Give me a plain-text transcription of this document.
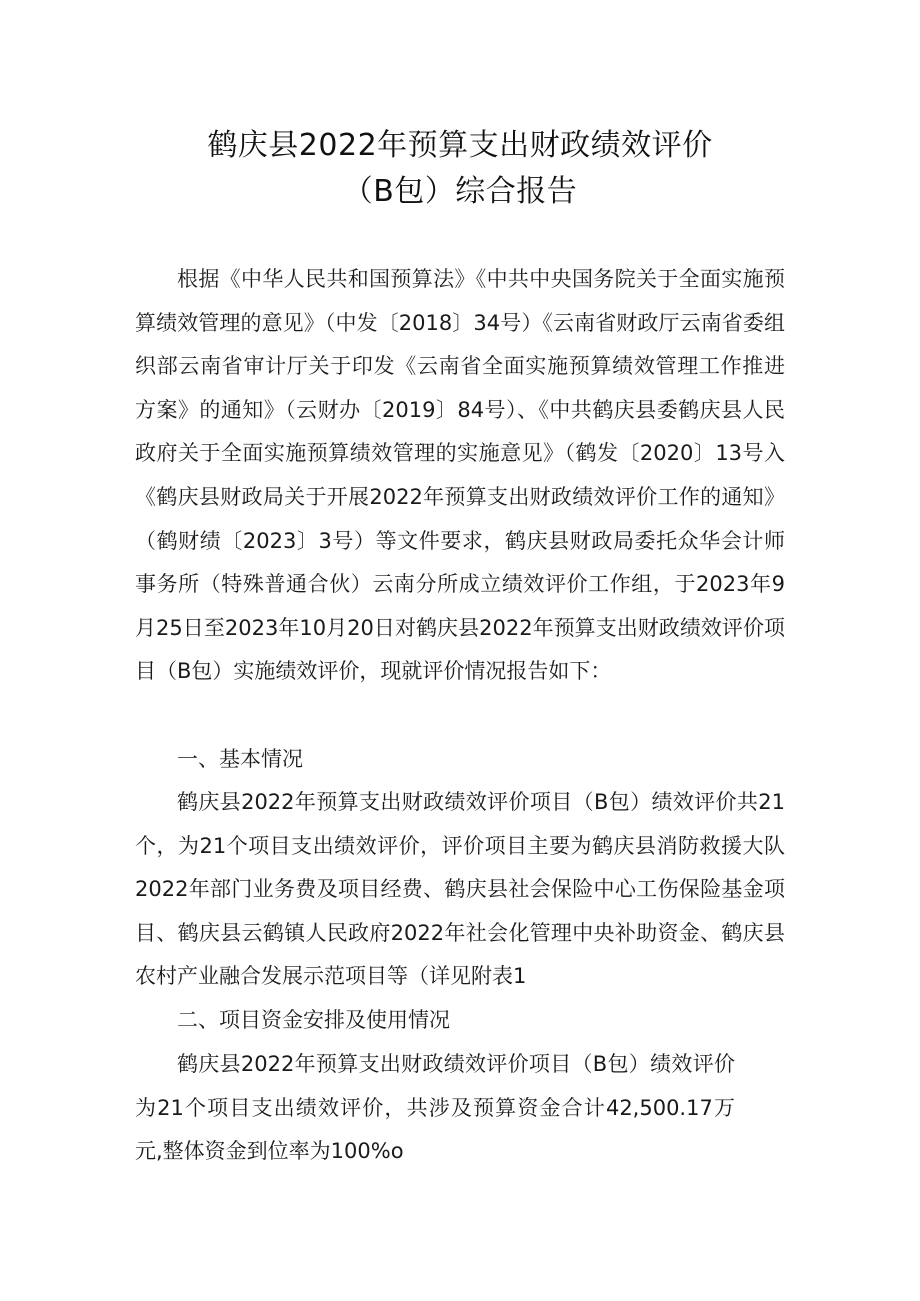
鹤庆县2022年预算支出财政绩效评价
（B包）综合报告

根据《中华人民共和国预算法》《中共中央国务院关于全面实施预算绩效管理的意见》（中发〔2018〕34号）《云南省财政厅云南省委组织部云南省审计厅关于印发《云南省全面实施预算绩效管理工作推进方案》的通知》（云财办〔2019〕84号）、《中共鹤庆县委鹤庆县人民政府关于全面实施预算绩效管理的实施意见》（鹤发〔2020〕13号入《鹤庆县财政局关于开展2022年预算支出财政绩效评价工作的通知》（鹤财绩〔2023〕3号）等文件要求，鹤庆县财政局委托众华会计师事务所（特殊普通合伙）云南分所成立绩效评价工作组，于2023年9月25日至2023年10月20日对鹤庆县2022年预算支出财政绩效评价项目（B包）实施绩效评价，现就评价情况报告如下：

一、基本情况

鹤庆县2022年预算支出财政绩效评价项目（B包）绩效评价共21个，为21个项目支出绩效评价，评价项目主要为鹤庆县消防救援大队2022年部门业务费及项目经费、鹤庆县社会保险中心工伤保险基金项目、鹤庆县云鹤镇人民政府2022年社会化管理中央补助资金、鹤庆县农村产业融合发展示范项目等（详见附表1

二、项目资金安排及使用情况

鹤庆县2022年预算支出财政绩效评价项目（B包）绩效评价为21个项目支出绩效评价，共涉及预算资金合计42,500.17万元,整体资金到位率为100%o
